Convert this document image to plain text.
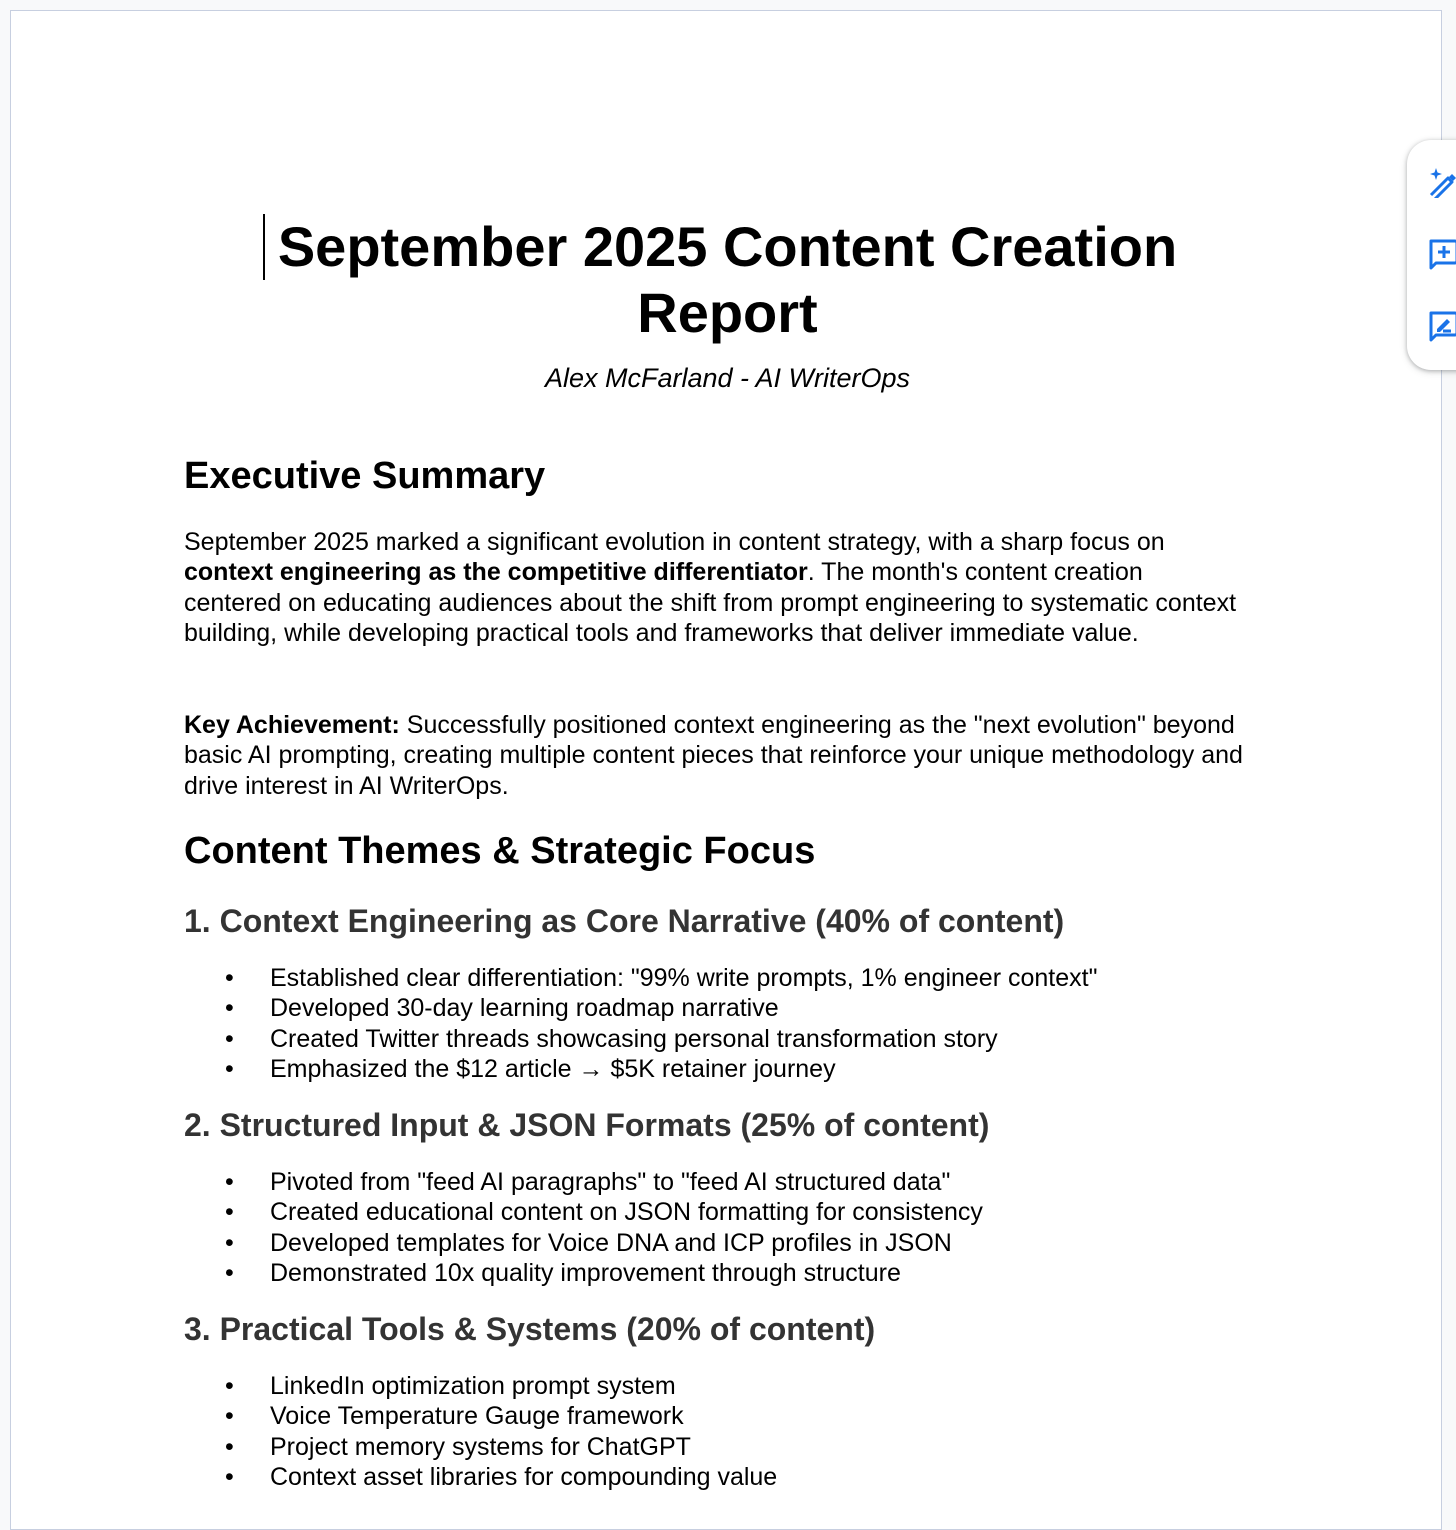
September 2025 Content Creation Report

Alex McFarland - AI WriterOps

Executive Summary

September 2025 marked a significant evolution in content strategy, with a sharp focus on context engineering as the competitive differentiator. The month's content creation centered on educating audiences about the shift from prompt engineering to systematic context building, while developing practical tools and frameworks that deliver immediate value.

Key Achievement: Successfully positioned context engineering as the "next evolution" beyond basic AI prompting, creating multiple content pieces that reinforce your unique methodology and drive interest in AI WriterOps.

Content Themes & Strategic Focus
1. Context Engineering as Core Narrative (40% of content)
• Established clear differentiation: "99% write prompts, 1% engineer context"
• Developed 30-day learning roadmap narrative
• Created Twitter threads showcasing personal transformation story
• Emphasized the $12 article → $5K retainer journey
2. Structured Input & JSON Formats (25% of content)
• Pivoted from "feed AI paragraphs" to "feed AI structured data"
• Created educational content on JSON formatting for consistency
• Developed templates for Voice DNA and ICP profiles in JSON
• Demonstrated 10x quality improvement through structure
3. Practical Tools & Systems (20% of content)
• LinkedIn optimization prompt system
• Voice Temperature Gauge framework
• Project memory systems for ChatGPT
• Context asset libraries for compounding value
